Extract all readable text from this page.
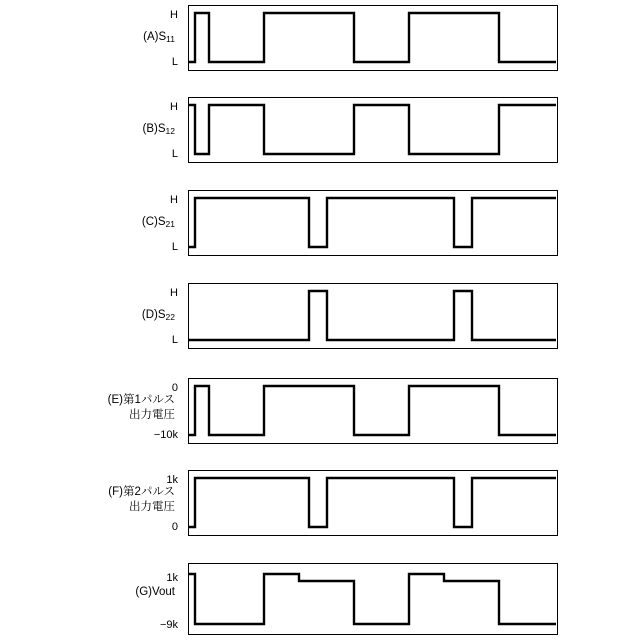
$(A)S_{11}$
H
L
$(B)S_{12}$
H
L
$(C)S_{21}$
H
L
$(D)S_{22}$
H
L
(E)第1パルス
出力電圧
0
−10k
(F)第2パルス
出力電圧
1k
0
(G)Vout
1k
−9k
